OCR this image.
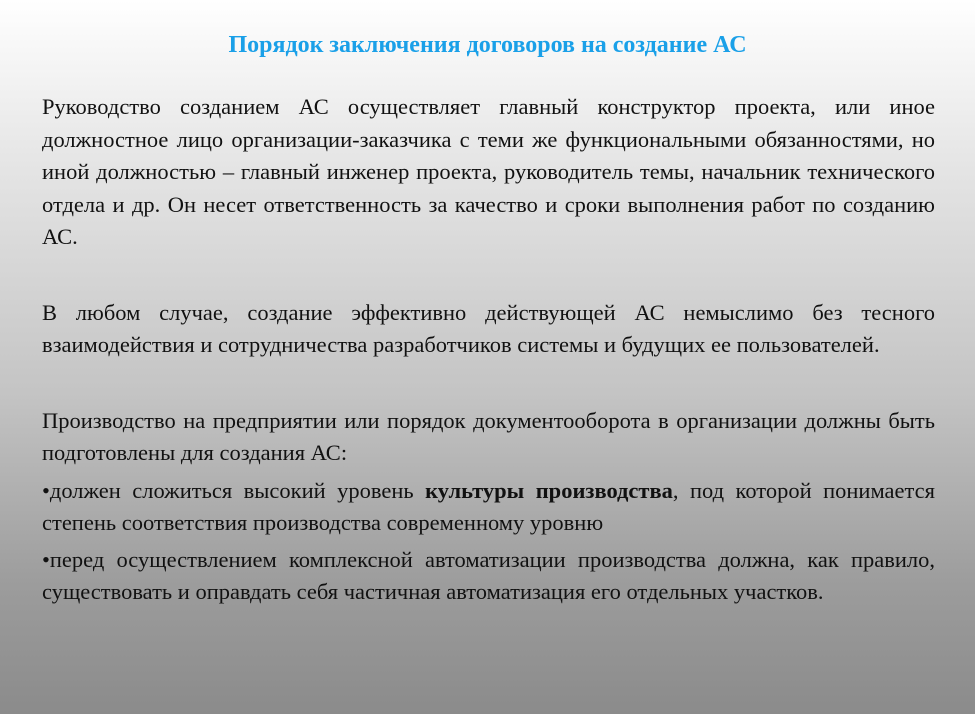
Порядок заключения договоров на создание АС

Руководство созданием АС осуществляет главный конструктор проекта, или иное должностное лицо организации-заказчика с теми же функциональными обязанностями, но иной должностью – главный инженер проекта, руководитель темы, начальник технического отдела и др. Он несет ответственность за качество и сроки выполнения работ по созданию АС.

В любом случае, создание эффективно действующей АС немыслимо без тесного взаимодействия и сотрудничества разработчиков системы и будущих ее пользователей.

Производство на предприятии или порядок документооборота в организации должны быть подготовлены для создания АС:

•должен сложиться высокий уровень культуры производства, под которой понимается степень соответствия производства современному уровню

•перед осуществлением комплексной автоматизации производства должна, как правило, существовать и оправдать себя частичная автоматизация его отдельных участков.
